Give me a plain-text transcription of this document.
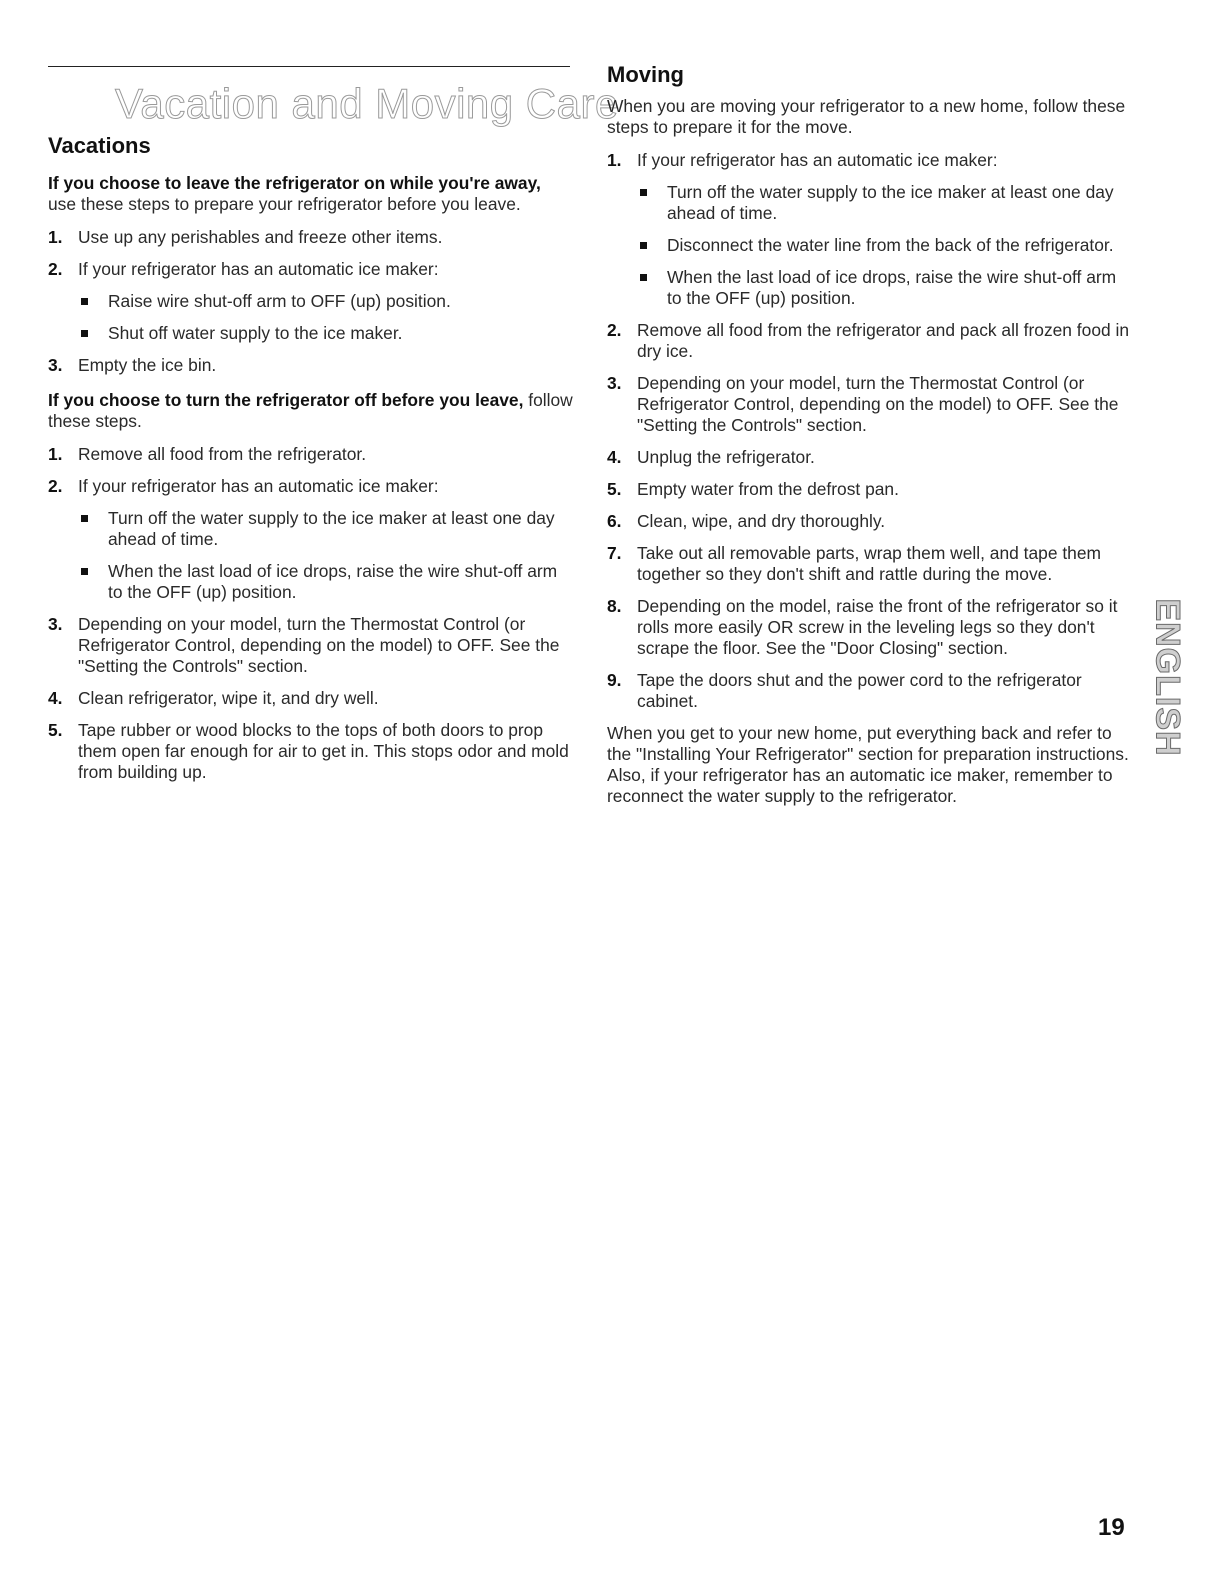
Vacation and Moving Care
Vacations

If you choose to leave the refrigerator on while you're away, use these steps to prepare your refrigerator before you leave.

1. Use up any perishables and freeze other items.
2. If your refrigerator has an automatic ice maker:
Raise wire shut-off arm to OFF (up) position.
Shut off water supply to the ice maker.
3. Empty the ice bin.

If you choose to turn the refrigerator off before you leave, follow these steps.

1. Remove all food from the refrigerator.
2. If your refrigerator has an automatic ice maker:
Turn off the water supply to the ice maker at least one day ahead of time.
When the last load of ice drops, raise the wire shut-off arm to the OFF (up) position.
3. Depending on your model, turn the Thermostat Control (or Refrigerator Control, depending on the model) to OFF. See the "Setting the Controls" section.
4. Clean refrigerator, wipe it, and dry well.
5. Tape rubber or wood blocks to the tops of both doors to prop them open far enough for air to get in. This stops odor and mold from building up.
Moving

When you are moving your refrigerator to a new home, follow these steps to prepare it for the move.

1. If your refrigerator has an automatic ice maker:
Turn off the water supply to the ice maker at least one day ahead of time.
Disconnect the water line from the back of the refrigerator.
When the last load of ice drops, raise the wire shut-off arm to the OFF (up) position.
2. Remove all food from the refrigerator and pack all frozen food in dry ice.
3. Depending on your model, turn the Thermostat Control (or Refrigerator Control, depending on the model) to OFF. See the "Setting the Controls" section.
4. Unplug the refrigerator.
5. Empty water from the defrost pan.
6. Clean, wipe, and dry thoroughly.
7. Take out all removable parts, wrap them well, and tape them together so they don't shift and rattle during the move.
8. Depending on the model, raise the front of the refrigerator so it rolls more easily OR screw in the leveling legs so they don't scrape the floor. See the "Door Closing" section.
9. Tape the doors shut and the power cord to the refrigerator cabinet.

When you get to your new home, put everything back and refer to the "Installing Your Refrigerator" section for preparation instructions. Also, if your refrigerator has an automatic ice maker, remember to reconnect the water supply to the refrigerator.

ENGLISH
19
